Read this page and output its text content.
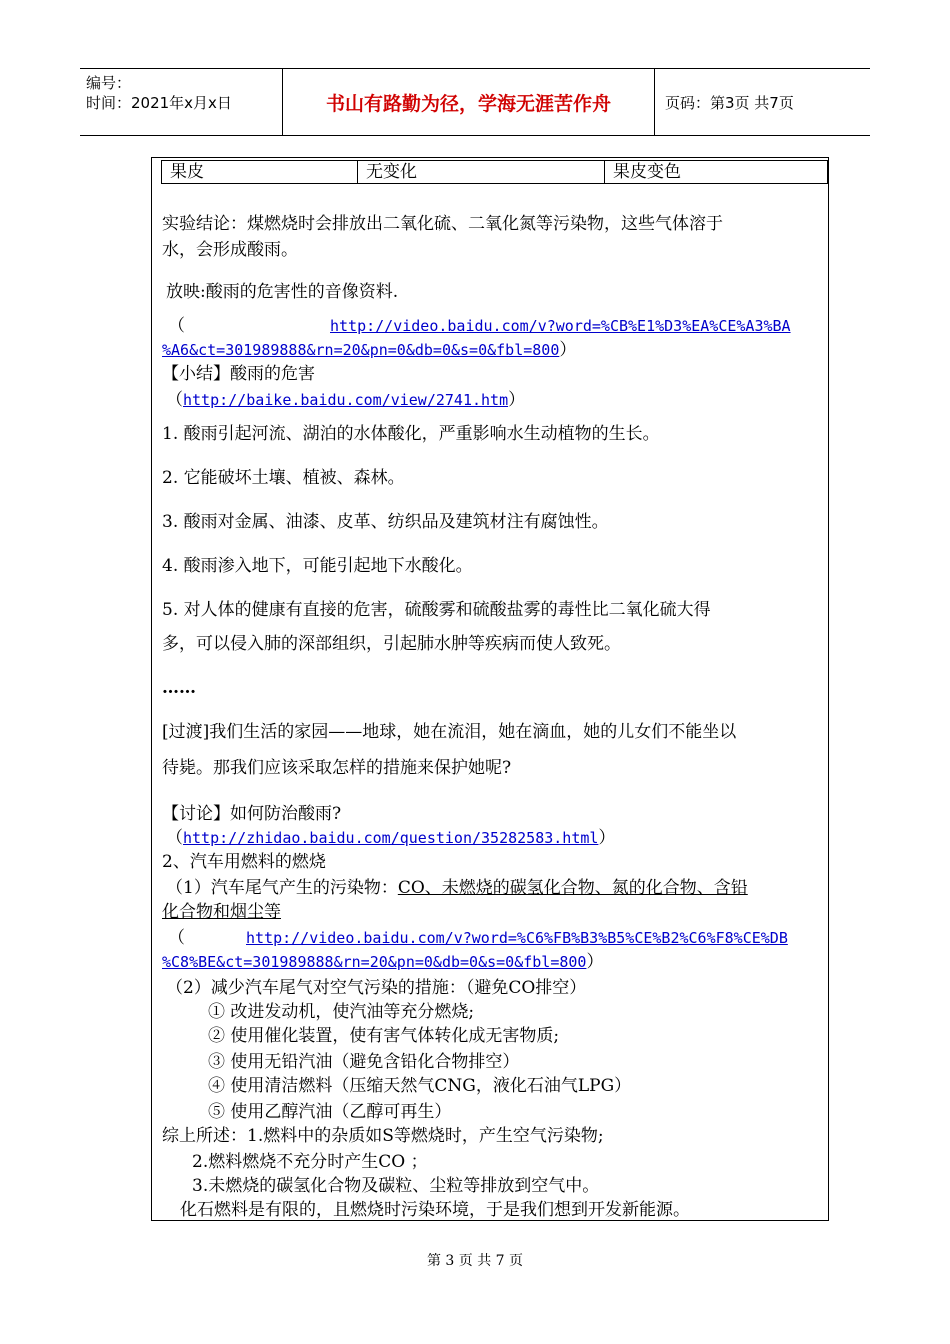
编号：
时间：2021年x月x日	书山有路勤为径，学海无涯苦作舟	页码：第3页 共7页
果皮	无变化	果皮变色
实验结论：煤燃烧时会排放出二氧化硫、二氧化氮等污染物，这些气体溶于
水，会形成酸雨。
放映:酸雨的危害性的音像资料.
（	http://video.baidu.com/v?word=%CB%E1%D3%EA%CE%A3%BA
%A6&ct=301989888&rn=20&pn=0&db=0&s=0&fbl=800）
【小结】酸雨的危害
（http://baike.baidu.com/view/2741.htm）
1. 酸雨引起河流、湖泊的水体酸化，严重影响水生动植物的生长。
2. 它能破坏土壤、植被、森林。
3. 酸雨对金属、油漆、皮革、纺织品及建筑材注有腐蚀性。
4. 酸雨渗入地下，可能引起地下水酸化。
5. 对人体的健康有直接的危害，硫酸雾和硫酸盐雾的毒性比二氧化硫大得
多，可以侵入肺的深部组织，引起肺水肿等疾病而使人致死。
……
[过渡]我们生活的家园——地球，她在流泪，她在滴血，她的儿女们不能坐以
待毙。那我们应该采取怎样的措施来保护她呢?
【讨论】如何防治酸雨?
（http://zhidao.baidu.com/question/35282583.html）
2、汽车用燃料的燃烧
（1）汽车尾气产生的污染物：CO、未燃烧的碳氢化合物、氮的化合物、含铅
化合物和烟尘等
（	http://video.baidu.com/v?word=%C6%FB%B3%B5%CE%B2%C6%F8%CE%DB
%C8%BE&ct=301989888&rn=20&pn=0&db=0&s=0&fbl=800）
（2）减少汽车尾气对空气污染的措施：（避免CO排空）
① 改进发动机，使汽油等充分燃烧;
② 使用催化装置，使有害气体转化成无害物质;
③ 使用无铅汽油（避免含铅化合物排空）
④ 使用清洁燃料（压缩天然气CNG，液化石油气LPG）
⑤ 使用乙醇汽油（乙醇可再生）
综上所述：1.燃料中的杂质如S等燃烧时，产生空气污染物;
2.燃料燃烧不充分时产生CO ；
3.未燃烧的碳氢化合物及碳粒、尘粒等排放到空气中。
化石燃料是有限的，且燃烧时污染环境，于是我们想到开发新能源。
第 3 页 共 7 页
